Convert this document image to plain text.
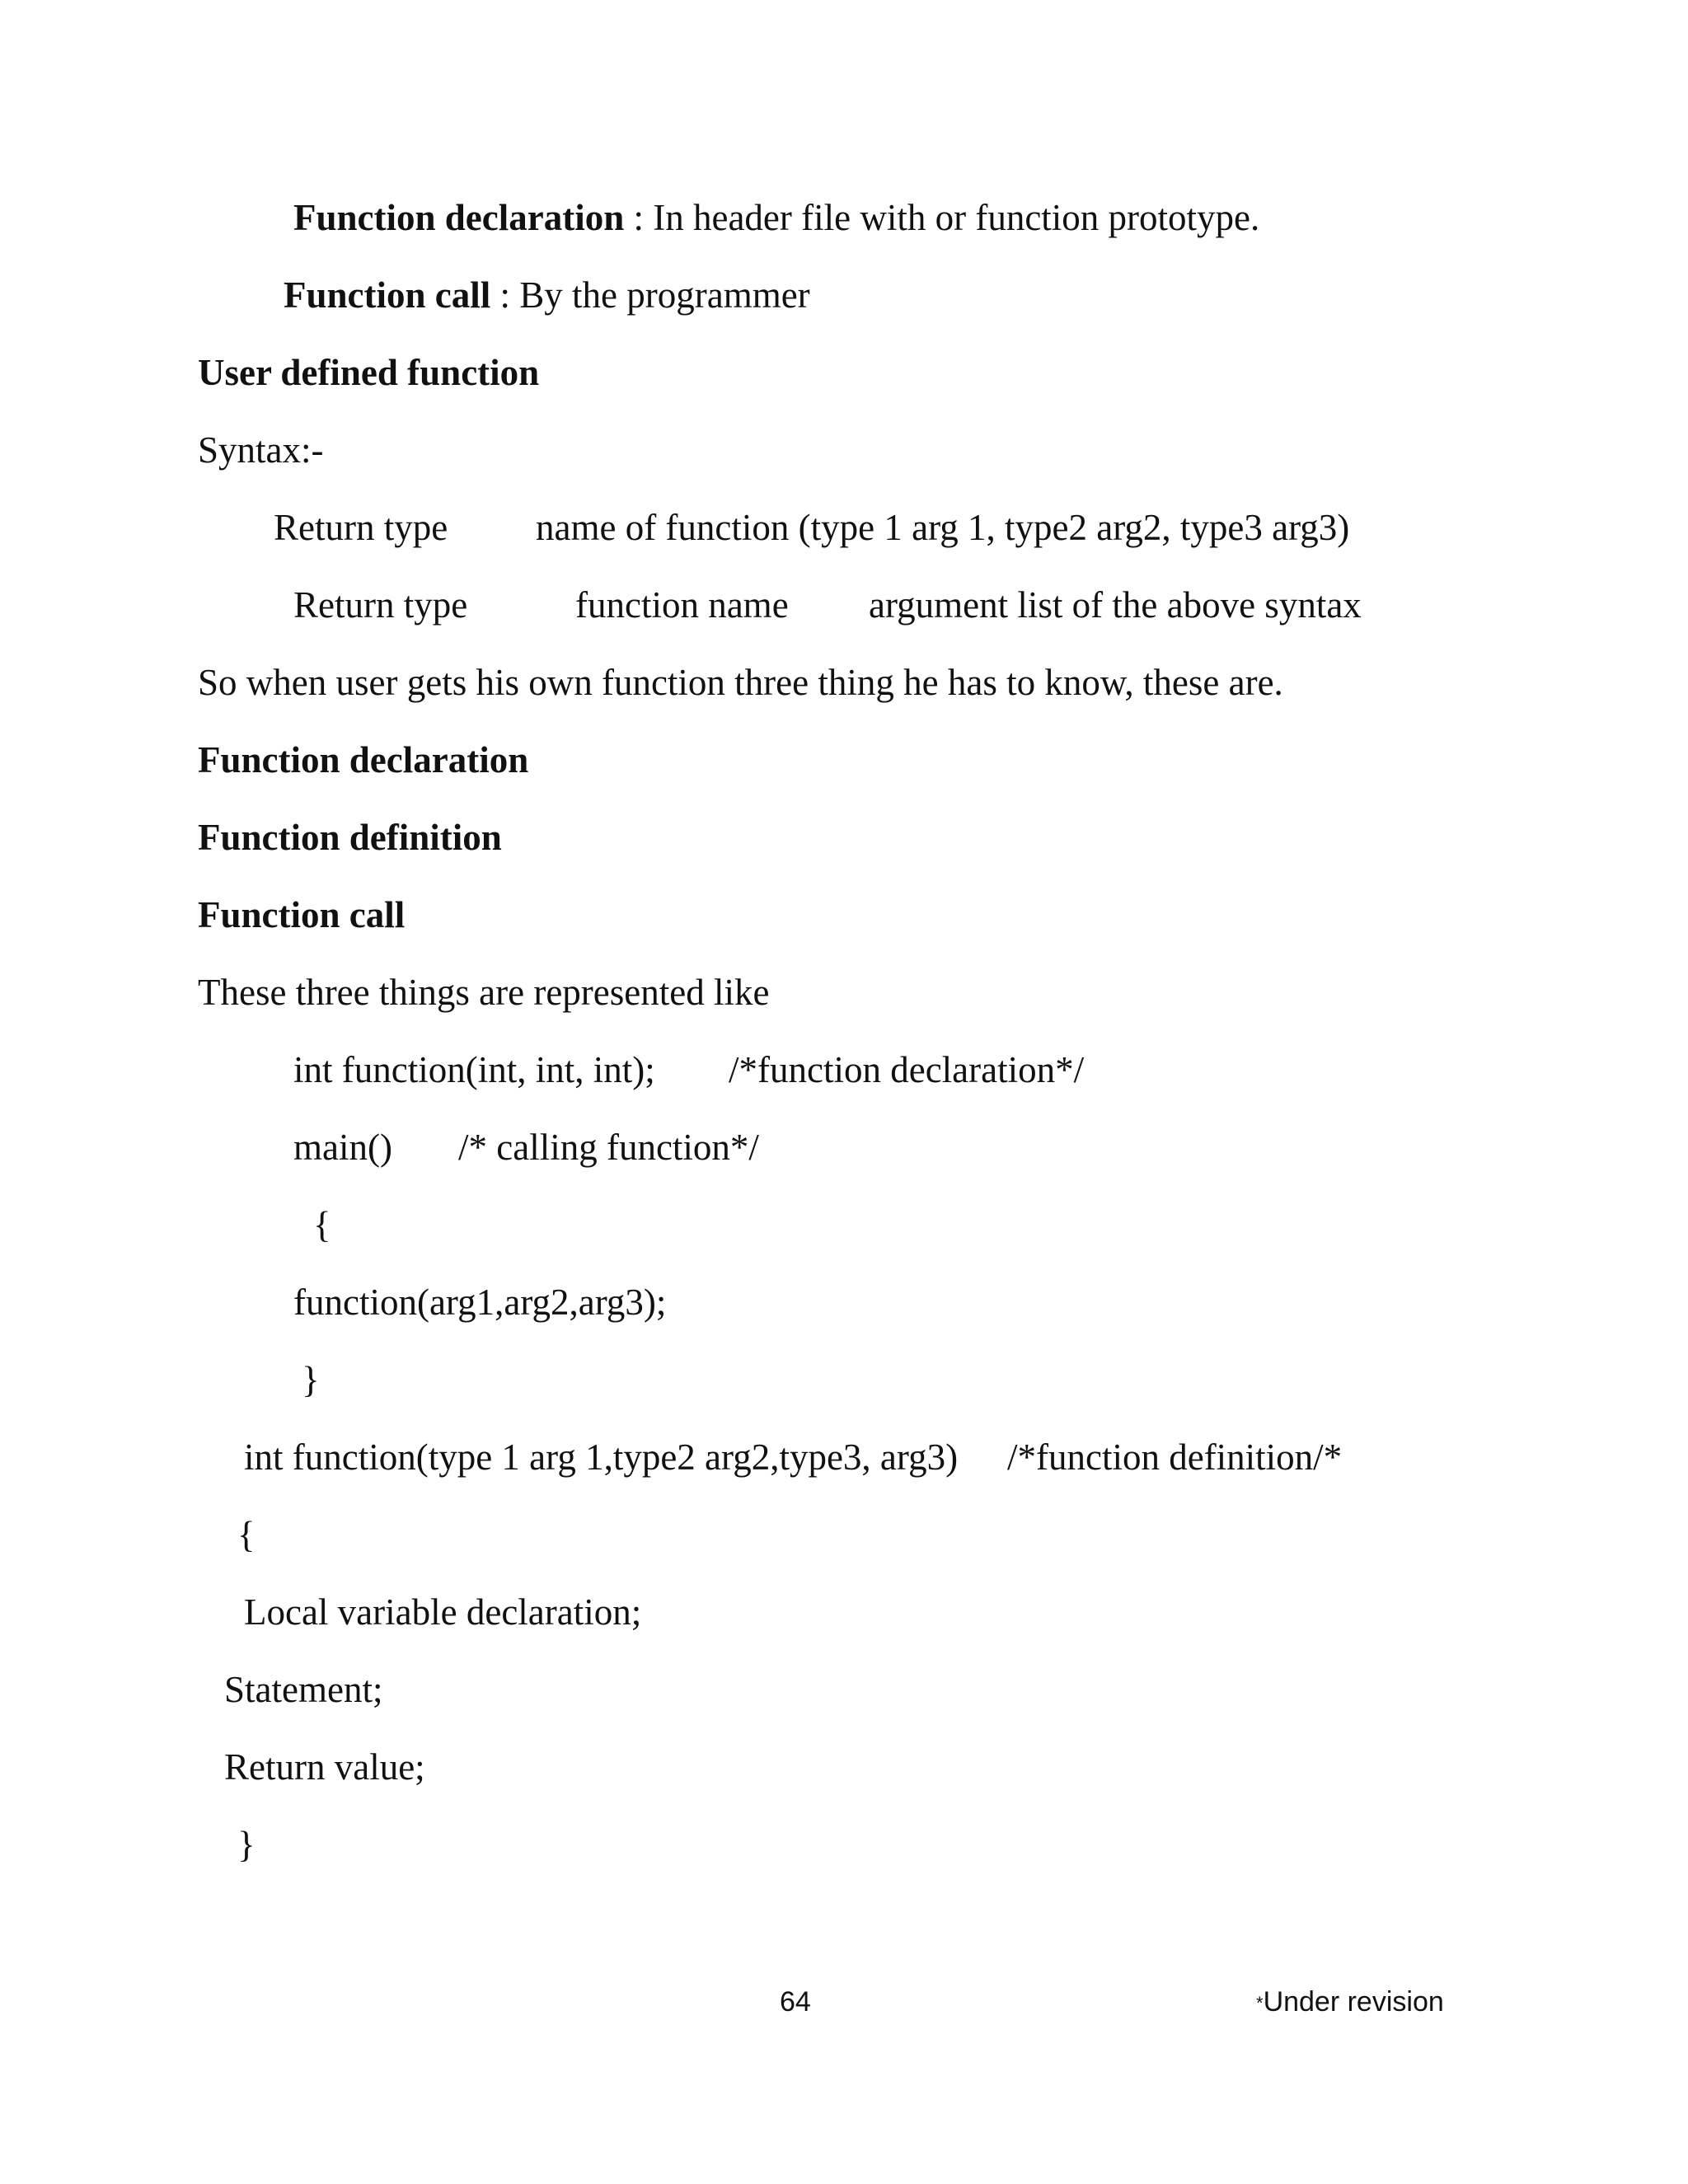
Function declaration : In header file with or function prototype.
Function call : By the programmer
User defined function
Syntax:-
Return type name of function (type 1 arg 1, type2 arg2, type3 arg3)
Return type	function name argument list of the above syntax
So when user gets his own function three thing he has to know, these are.
Function declaration
Function definition
Function call
These three things are represented like
int function(int, int, int); /*function declaration*/
main() /* calling function*/
{
function(arg1,arg2,arg3);
}
int function(type 1 arg 1,type2 arg2,type3, arg3) /*function definition/*
{
Local variable declaration;
Statement;
Return value;
}
64	*Under revision
